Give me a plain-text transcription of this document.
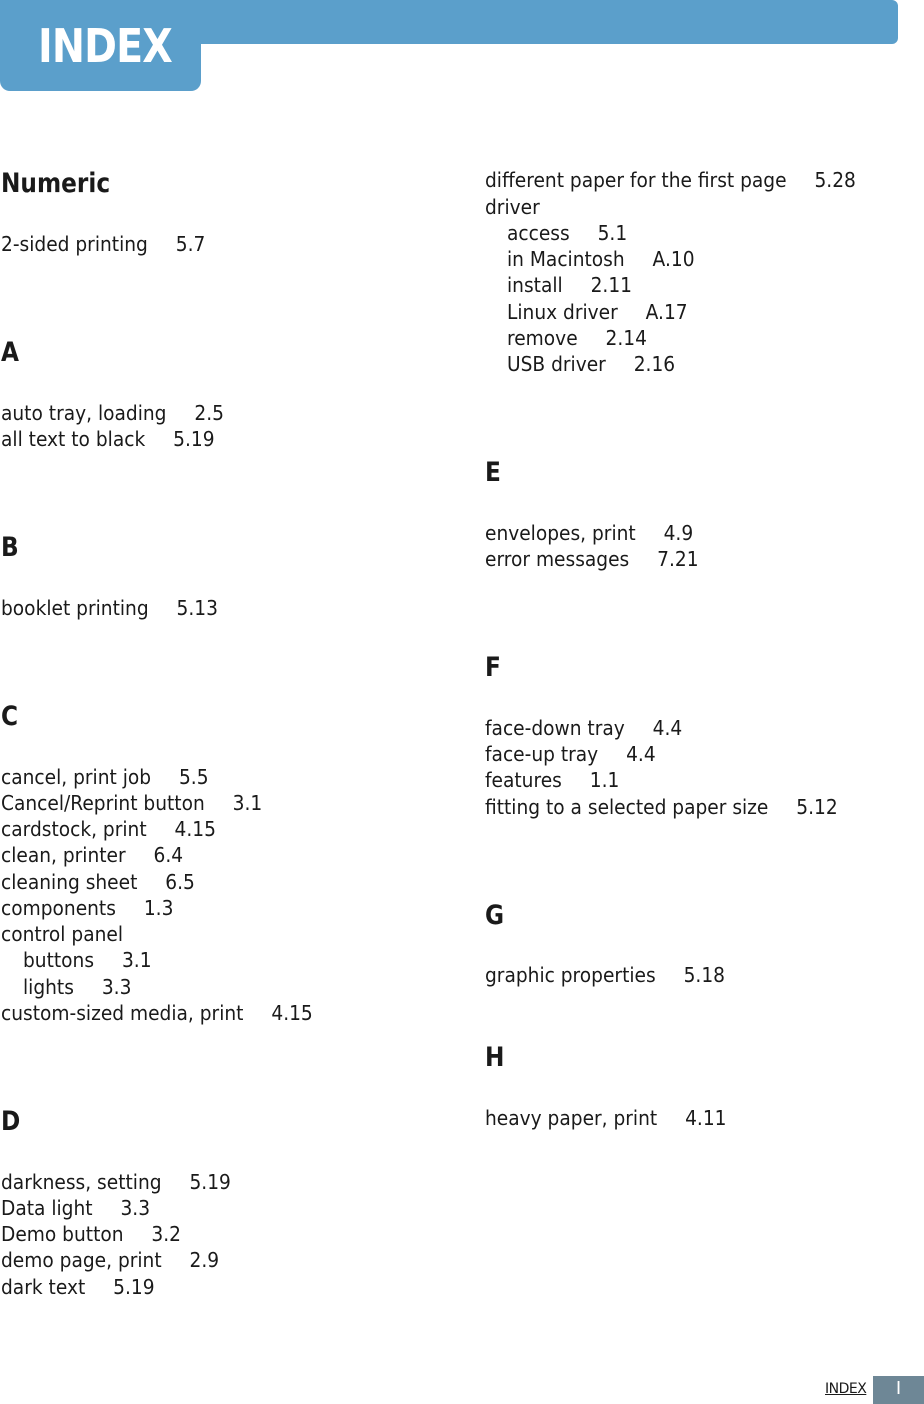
INDEX
Numeric

2-sided printing 5.7

A

auto tray, loading 2.5

all text to black 5.19

B

booklet printing 5.13

C

cancel, print job 5.5

Cancel/Reprint button 3.1

cardstock, print 4.15

clean, printer 6.4

cleaning sheet 6.5

components 1.3

control panel

buttons 3.1

lights 3.3

custom-sized media, print 4.15

D

darkness, setting 5.19

Data light 3.3

Demo button 3.2

demo page, print 2.9

dark text 5.19

different paper for the first page 5.28

driver

access 5.1

in Macintosh A.10

install 2.11

Linux driver A.17

remove 2.14

USB driver 2.16

E

envelopes, print 4.9

error messages 7.21

F

face-down tray 4.4

face-up tray 4.4

features 1.1

fitting to a selected paper size 5.12

G

graphic properties 5.18

H

heavy paper, print 4.11

INDEX	I
